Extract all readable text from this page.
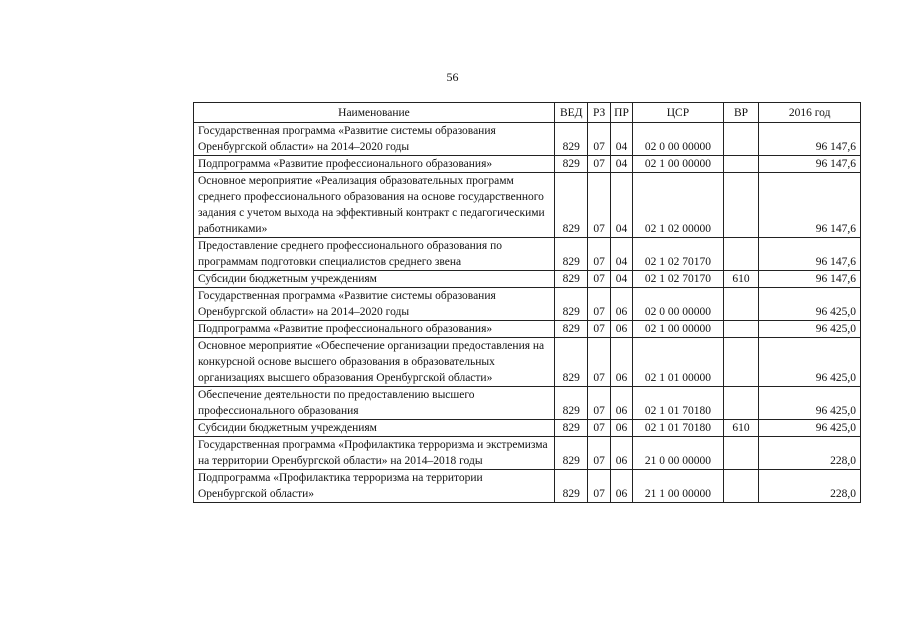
56
Наименование	ВЕД	РЗ	ПР	ЦСР	ВР	2016 год
Государственная программа «Развитие системы образования Оренбургской области» на 2014–2020 годы	829	07	04	02 0 00 00000		96 147,6
Подпрограмма «Развитие профессионального образования»	829	07	04	02 1 00 00000		96 147,6
Основное мероприятие «Реализация образовательных программ среднего профессионального образования на основе государственного задания с учетом выхода на эффективный контракт с педагогическими работниками»	829	07	04	02 1 02 00000		96 147,6
Предоставление среднего профессионального образования по программам подготовки специалистов среднего звена	829	07	04	02 1 02 70170		96 147,6
Субсидии бюджетным учреждениям	829	07	04	02 1 02 70170	610	96 147,6
Государственная программа «Развитие системы образования Оренбургской области» на 2014–2020 годы	829	07	06	02 0 00 00000		96 425,0
Подпрограмма «Развитие профессионального образования»	829	07	06	02 1 00 00000		96 425,0
Основное мероприятие «Обеспечение организации предоставления на конкурсной основе высшего образования в образовательных организациях высшего образования Оренбургской области»	829	07	06	02 1 01 00000		96 425,0
Обеспечение деятельности по предоставлению высшего профессионального образования	829	07	06	02 1 01 70180		96 425,0
Субсидии бюджетным учреждениям	829	07	06	02 1 01 70180	610	96 425,0
Государственная программа «Профилактика терроризма и экстремизма на территории Оренбургской области» на 2014–2018 годы	829	07	06	21 0 00 00000		228,0
Подпрограмма «Профилактика терроризма на территории Оренбургской области»	829	07	06	21 1 00 00000		228,0
